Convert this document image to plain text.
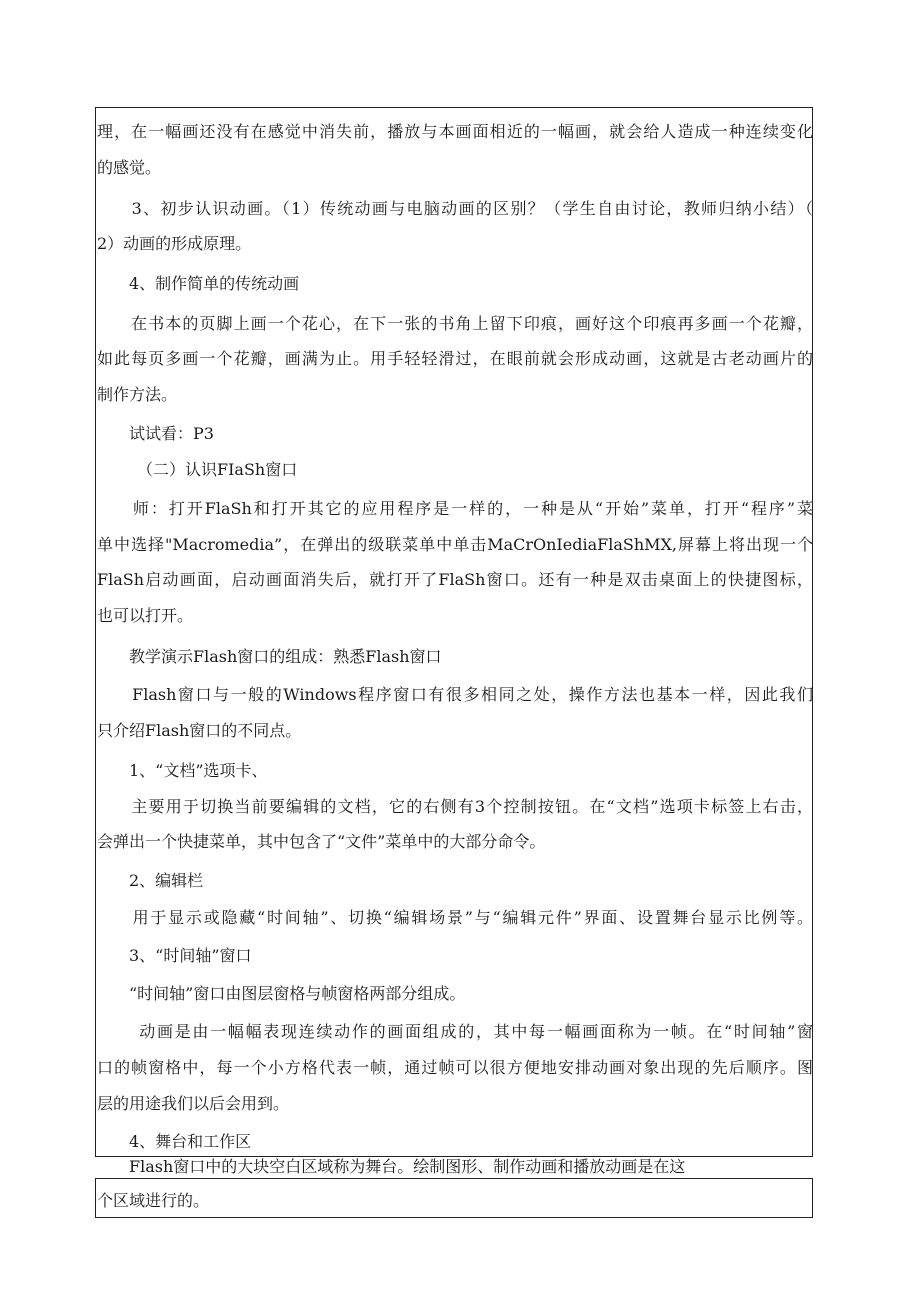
理，在一幅画还没有在感觉中消失前，播放与本画面相近的一幅画，就会给人造成一种连续变化
的感觉。
　　3、初步认识动画。（1）传统动画与电脑动画的区别？（学生自由讨论，教师归纳小结）（
2）动画的形成原理。
　　4、制作简单的传统动画
　　在书本的页脚上画一个花心，在下一张的书角上留下印痕，画好这个印痕再多画一个花瓣，
如此每页多画一个花瓣，画满为止。用手轻轻滑过，在眼前就会形成动画，这就是古老动画片的
制作方法。
　　试试看：P3
　　　（二）认识FIaSh窗口
　　师：打开FlaSh和打开其它的应用程序是一样的，一种是从“开始”菜单，打开“程序”菜
单中选择"Macromedia”，在弹出的级联菜单中单击MaCrOnIediaFlaShMX,屏幕上将出现一个
FlaSh启动画面，启动画面消失后，就打开了FlaSh窗口。还有一种是双击桌面上的快捷图标，
也可以打开。
　　教学演示Flash窗口的组成：熟悉Flash窗口
　　Flash窗口与一般的Windows程序窗口有很多相同之处，操作方法也基本一样，因此我们
只介绍Flash窗口的不同点。
　　1、“文档”选项卡、
　　主要用于切换当前要编辑的文档，它的右侧有3个控制按钮。在“文档”选项卡标签上右击，
会弹出一个快捷菜单，其中包含了“文件”菜单中的大部分命令。
　　2、编辑栏
　　用于显示或隐藏“时间轴”、切换“编辑场景”与“编辑元件”界面、设置舞台显示比例等。
　　3、“时间轴”窗口
　　“时间轴”窗口由图层窗格与帧窗格两部分组成。
　　 动画是由一幅幅表现连续动作的画面组成的，其中每一幅画面称为一帧。在“时间轴”窗
口的帧窗格中，每一个小方格代表一帧，通过帧可以很方便地安排动画对象出现的先后顺序。图
层的用途我们以后会用到。
　　4、舞台和工作区
　　Flash窗口中的大块空白区域称为舞台。绘制图形、制作动画和播放动画是在这
个区域进行的。
